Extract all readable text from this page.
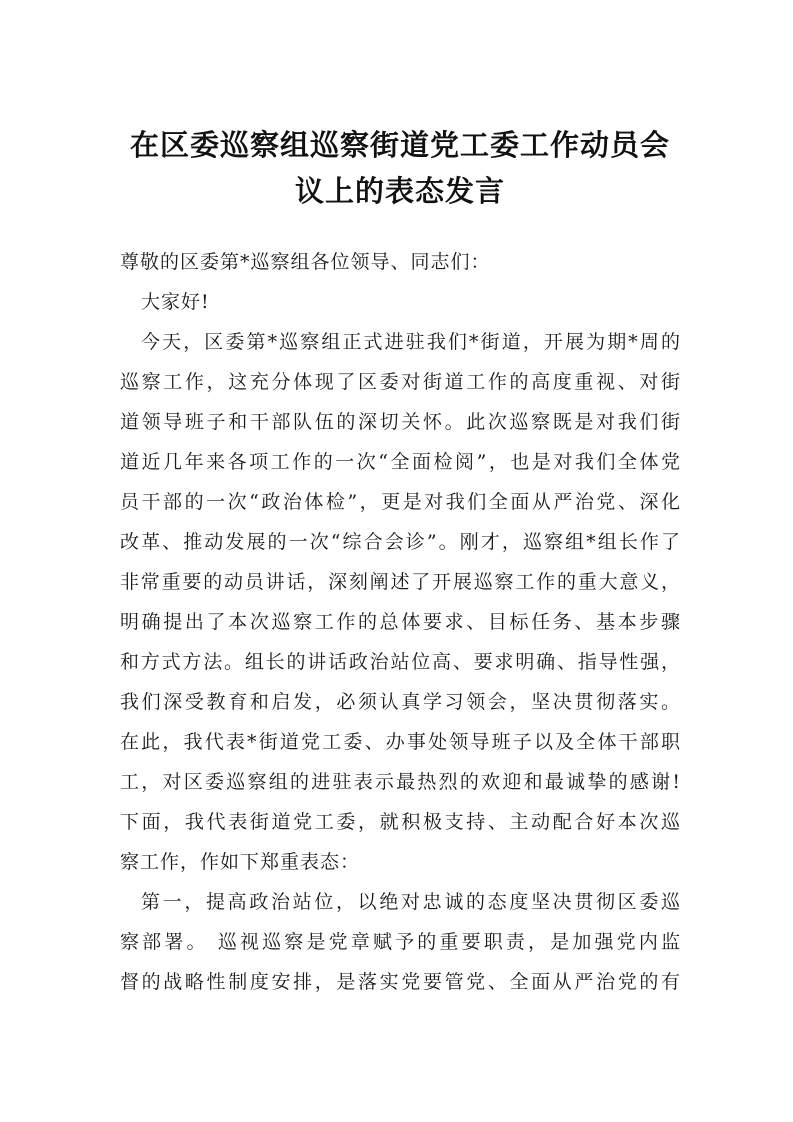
在区委巡察组巡察街道党工委工作动员会
议上的表态发言
尊敬的区委第*巡察组各位领导、同志们：
大家好!
今天，区委第*巡察组正式进驻我们*街道，开展为期*周的
巡察工作，这充分体现了区委对街道工作的高度重视、对街
道领导班子和干部队伍的深切关怀。此次巡察既是对我们街
道近几年来各项工作的一次“全面检阅”，也是对我们全体党
员干部的一次“政治体检”，更是对我们全面从严治党、深化
改革、推动发展的一次“综合会诊”。刚才，巡察组*组长作了
非常重要的动员讲话，深刻阐述了开展巡察工作的重大意义，
明确提出了本次巡察工作的总体要求、目标任务、基本步骤
和方式方法。组长的讲话政治站位高、要求明确、指导性强，
我们深受教育和启发，必须认真学习领会，坚决贯彻落实。
在此，我代表*街道党工委、办事处领导班子以及全体干部职
工，对区委巡察组的进驻表示最热烈的欢迎和最诚挚的感谢!
下面，我代表街道党工委，就积极支持、主动配合好本次巡
察工作，作如下郑重表态：
第一，提高政治站位，以绝对忠诚的态度坚决贯彻区委巡
察部署。 巡视巡察是党章赋予的重要职责，是加强党内监
督的战略性制度安排，是落实党要管党、全面从严治党的有
